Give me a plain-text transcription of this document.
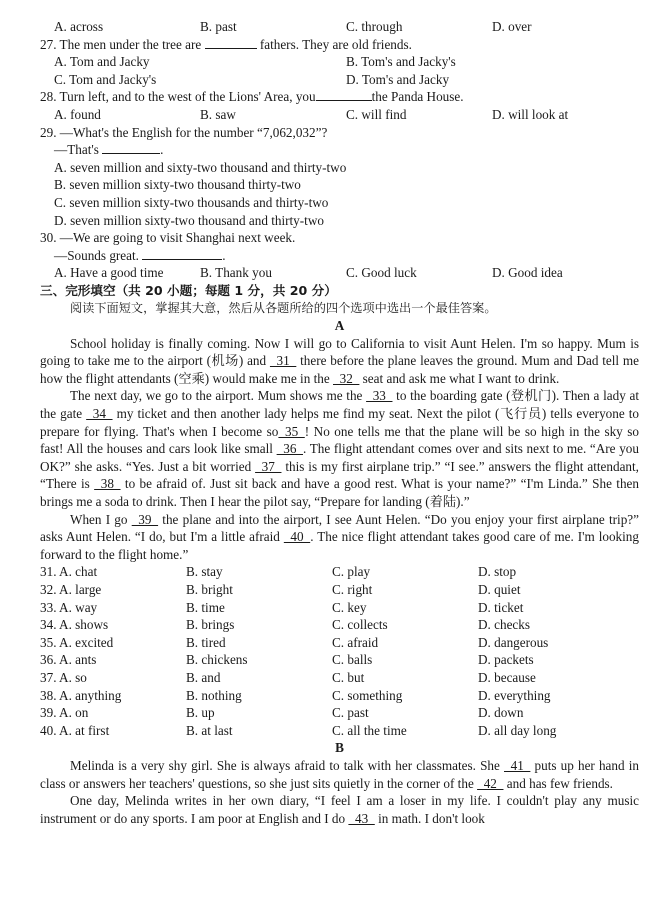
A. across	B. past	C. through	D. over
27. The men under the tree are	fathers. They are old friends.
A. Tom and Jacky	B. Tom's and Jacky's
C. Tom and Jacky's	D. Tom's and Jacky
28. Turn left, and to the west of the Lions' Area, you	the Panda House.
A. found	B. saw	C. will find	D. will look at
29. —What's the English for the number “7,062,032”?
—That's	.
A. seven million and sixty-two thousand and thirty-two
B. seven million sixty-two thousand thirty-two
C. seven million sixty-two thousands and thirty-two
D. seven million sixty-two thousand and thirty-two
30. —We are going to visit Shanghai next week.
—Sounds great.	.
A. Have a good time	B. Thank you	C. Good luck	D. Good idea
三、完形填空（共 20 小题；每题 1 分，共 20 分）
阅读下面短文，掌握其大意，然后从各题所给的四个选项中选出一个最佳答案。
A

School holiday is finally coming. Now I will go to California to visit Aunt Helen. I'm so happy. Mum is going to take me to the airport (机场) and  31  there before the plane leaves the ground. Mum and Dad tell me how the flight attendants (空乘) would make me in the  32  seat and ask me what I want to drink.

The next day, we go to the airport. Mum shows me the  33  to the boarding gate (登机门). Then a lady at the gate  34  my ticket and then another lady helps me find my seat. Next the pilot (飞行员) tells everyone to prepare for flying. That's when I become so 35 ! No one tells me that the plane will be so high in the sky so fast! All the houses and cars look like small  36 . The flight attendant comes over and sits next to me. “Are you OK?” she asks. “Yes. Just a bit worried  37  this is my first airplane trip.” “I see.” answers the flight attendant, “There is  38  to be afraid of. Just sit back and have a good rest. What is your name?” “I'm Linda.” She then brings me a soda to drink. Then I hear the pilot say, “Prepare for landing (着陆).”

When I go  39  the plane and into the airport, I see Aunt Helen. “Do you enjoy your first airplane trip?” asks Aunt Helen. “I do, but I'm a little afraid  40 . The nice flight attendant takes good care of me. I'm looking forward to the flight home.”

31. A. chat	B. stay	C. play	D. stop
32. A. large	B. bright	C. right	D. quiet
33. A. way	B. time	C. key	D. ticket
34. A. shows	B. brings	C. collects	D. checks
35. A. excited	B. tired	C. afraid	D. dangerous
36. A. ants	B. chickens	C. balls	D. packets
37. A. so	B. and	C. but	D. because
38. A. anything	B. nothing	C. something	D. everything
39. A. on	B. up	C. past	D. down
40. A. at first	B. at last	C. all the time	D. all day long
B

Melinda is a very shy girl. She is always afraid to talk with her classmates. She  41  puts up her hand in class or answers her teachers' questions, so she just sits quietly in the corner of the  42  and has few friends.

One day, Melinda writes in her own diary, “I feel I am a loser in my life. I couldn't play any music instrument or do any sports. I am poor at English and I do  43  in math. I don't look
